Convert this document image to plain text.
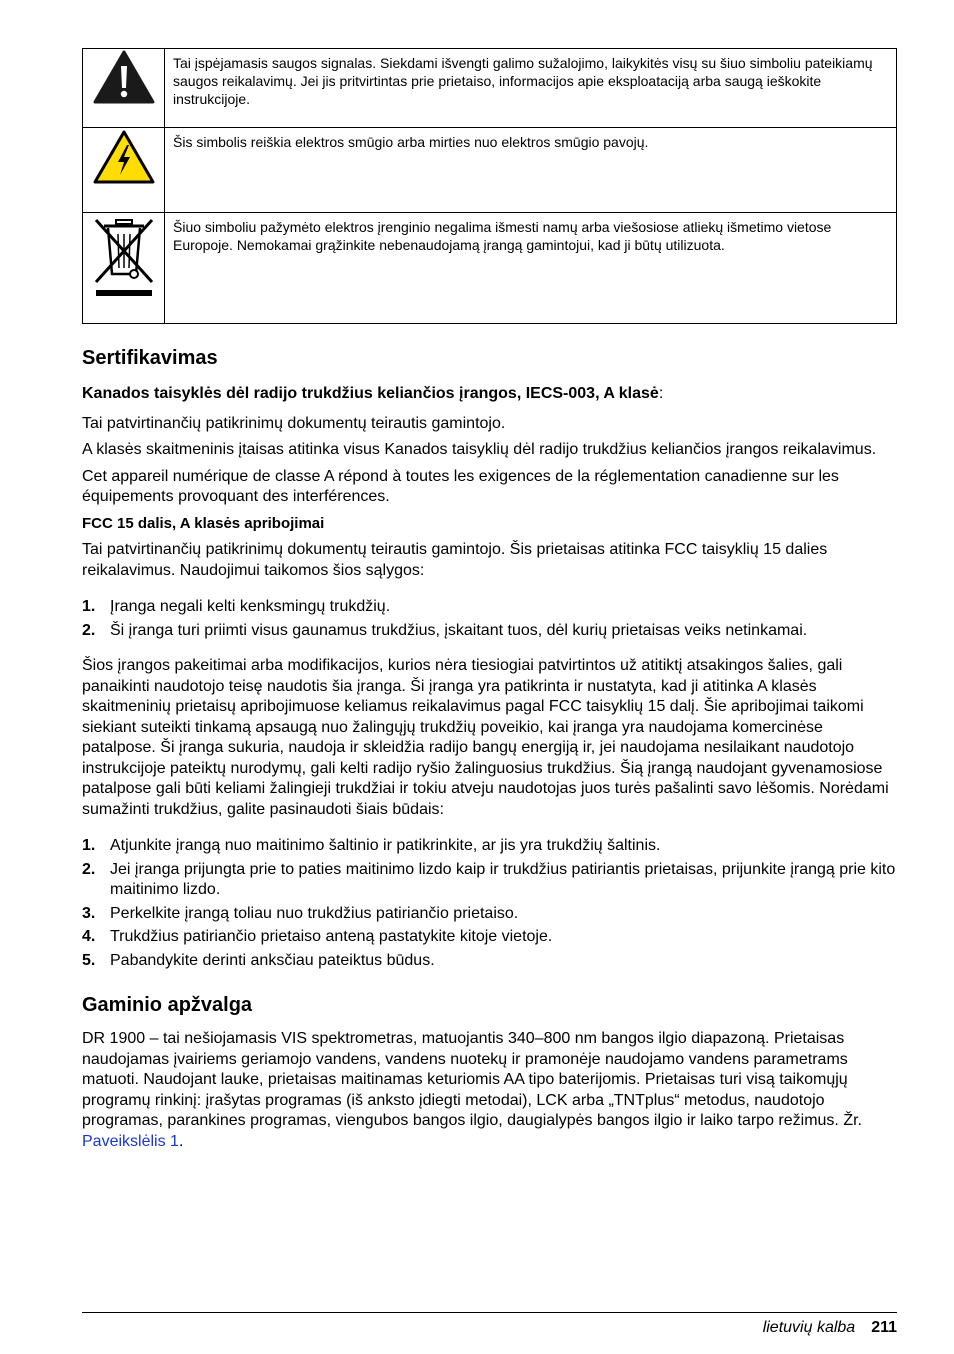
	Tai įspėjamasis saugos signalas. Siekdami išvengti galimo sužalojimo, laikykitės visų su šiuo simboliu pateikiamų saugos reikalavimų. Jei jis pritvirtintas prie prietaiso, informacijos apie eksploataciją arba saugą ieškokite instrukcijoje.
	Šis simbolis reiškia elektros smūgio arba mirties nuo elektros smūgio pavojų.
	Šiuo simboliu pažymėto elektros įrenginio negalima išmesti namų arba viešosiose atliekų išmetimo vietose Europoje. Nemokamai grąžinkite nebenaudojamą įrangą gamintojui, kad ji būtų utilizuota.
Sertifikavimas

Kanados taisyklės dėl radijo trukdžius keliančios įrangos, IECS-003, A klasė:

Tai patvirtinančių patikrinimų dokumentų teirautis gamintojo.

A klasės skaitmeninis įtaisas atitinka visus Kanados taisyklių dėl radijo trukdžius keliančios įrangos reikalavimus.

Cet appareil numérique de classe A répond à toutes les exigences de la réglementation canadienne sur les équipements provoquant des interférences.

FCC 15 dalis, A klasės apribojimai

Tai patvirtinančių patikrinimų dokumentų teirautis gamintojo. Šis prietaisas atitinka FCC taisyklių 15 dalies reikalavimus. Naudojimui taikomos šios sąlygos:

1. Įranga negali kelti kenksmingų trukdžių.
2. Ši įranga turi priimti visus gaunamus trukdžius, įskaitant tuos, dėl kurių prietaisas veiks netinkamai.

Šios įrangos pakeitimai arba modifikacijos, kurios nėra tiesiogiai patvirtintos už atitiktį atsakingos šalies, gali panaikinti naudotojo teisę naudotis šia įranga. Ši įranga yra patikrinta ir nustatyta, kad ji atitinka A klasės skaitmeninių prietaisų apribojimuose keliamus reikalavimus pagal FCC taisyklių 15 dalį. Šie apribojimai taikomi siekiant suteikti tinkamą apsaugą nuo žalingųjų trukdžių poveikio, kai įranga yra naudojama komercinėse patalpose. Ši įranga sukuria, naudoja ir skleidžia radijo bangų energiją ir, jei naudojama nesilaikant naudotojo instrukcijoje pateiktų nurodymų, gali kelti radijo ryšio žalinguosius trukdžius. Šią įrangą naudojant gyvenamosiose patalpose gali būti keliami žalingieji trukdžiai ir tokiu atveju naudotojas juos turės pašalinti savo lėšomis. Norėdami sumažinti trukdžius, galite pasinaudoti šiais būdais:

1. Atjunkite įrangą nuo maitinimo šaltinio ir patikrinkite, ar jis yra trukdžių šaltinis.
2. Jei įranga prijungta prie to paties maitinimo lizdo kaip ir trukdžius patiriantis prietaisas, prijunkite įrangą prie kito maitinimo lizdo.
3. Perkelkite įrangą toliau nuo trukdžius patiriančio prietaiso.
4. Trukdžius patiriančio prietaiso anteną pastatykite kitoje vietoje.
5. Pabandykite derinti anksčiau pateiktus būdus.
Gaminio apžvalga

DR 1900 – tai nešiojamasis VIS spektrometras, matuojantis 340–800 nm bangos ilgio diapazoną. Prietaisas naudojamas įvairiems geriamojo vandens, vandens nuotekų ir pramonėje naudojamo vandens parametrams matuoti. Naudojant lauke, prietaisas maitinamas keturiomis AA tipo baterijomis. Prietaisas turi visą taikomųjų programų rinkinį: įrašytas programas (iš anksto įdiegti metodai), LCK arba „TNTplus“ metodus, naudotojo programas, parankines programas, viengubos bangos ilgio, daugialypės bangos ilgio ir laiko tarpo režimus. Žr. Paveikslėlis 1.

lietuvių kalba 211
